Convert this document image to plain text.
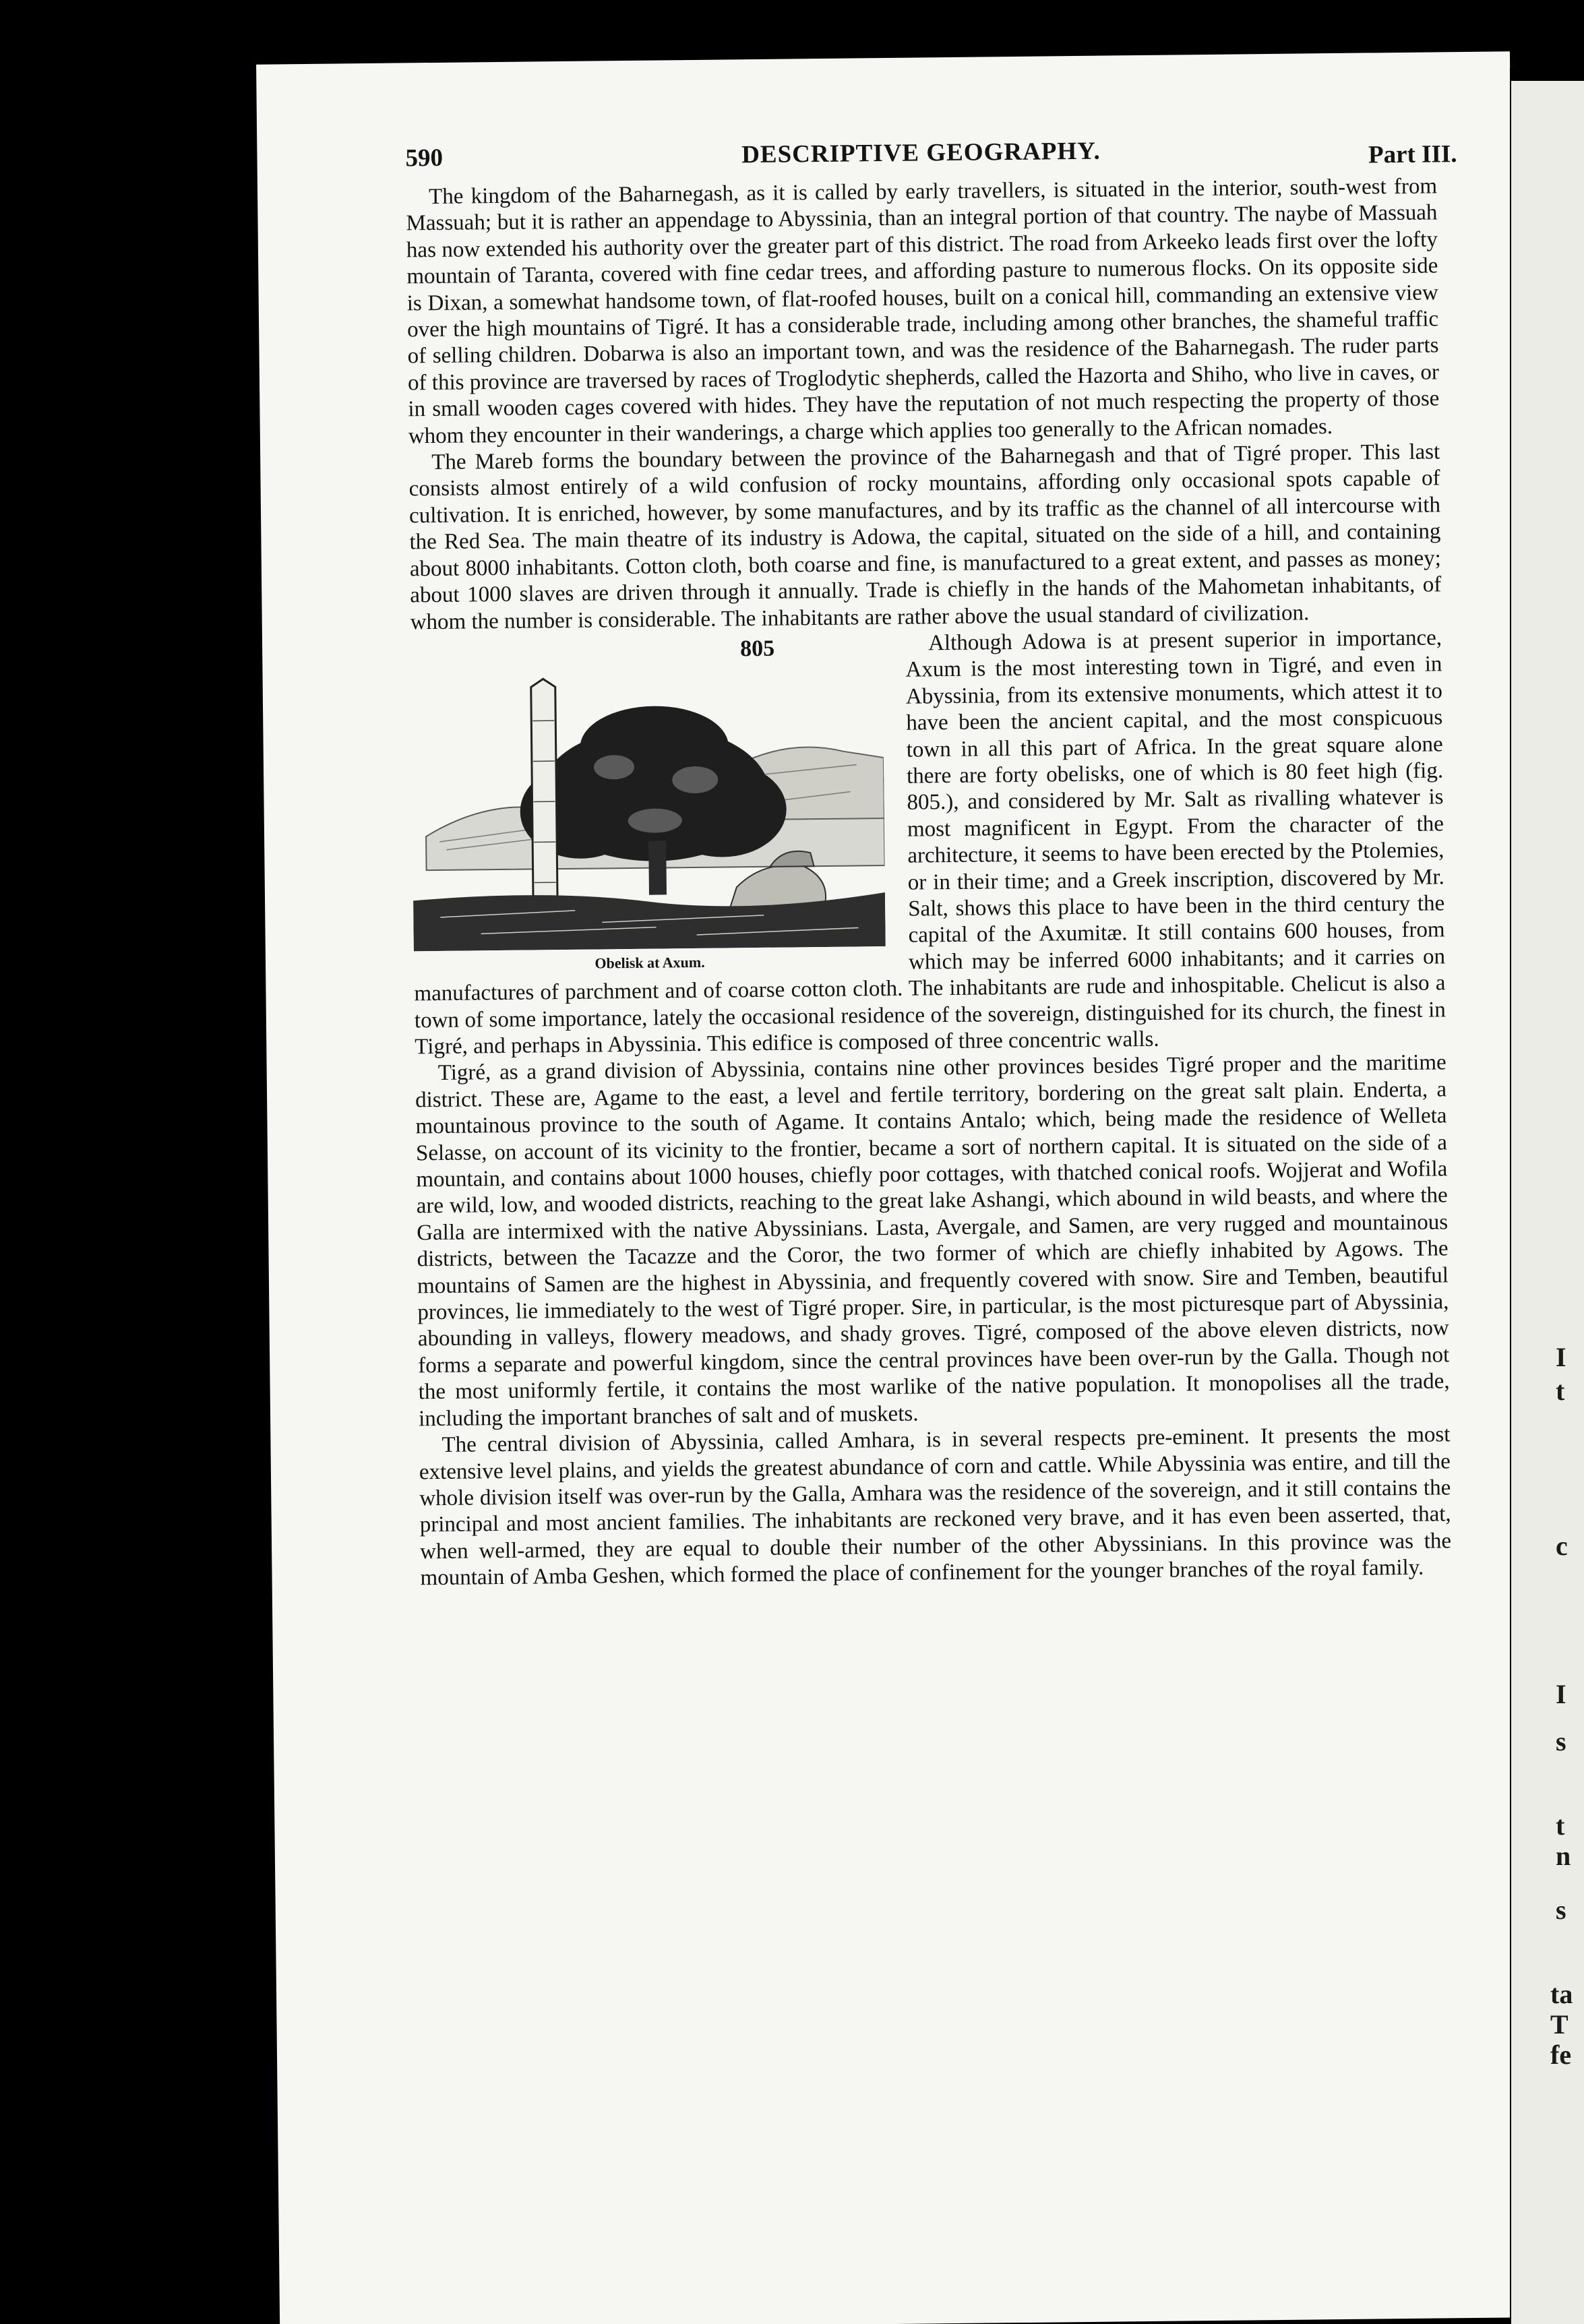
590	DESCRIPTIVE GEOGRAPHY.	Part III.

The kingdom of the Baharnegash, as it is called by early travellers, is situated in the interior, south-west from Massuah; but it is rather an appendage to Abyssinia, than an integral portion of that country. The naybe of Massuah has now extended his authority over the greater part of this district. The road from Arkeeko leads first over the lofty mountain of Taranta, covered with fine cedar trees, and affording pasture to numerous flocks. On its opposite side is Dixan, a somewhat handsome town, of flat-roofed houses, built on a conical hill, commanding an extensive view over the high mountains of Tigré. It has a considerable trade, including among other branches, the shameful traffic of selling children. Dobarwa is also an important town, and was the residence of the Baharnegash. The ruder parts of this province are traversed by races of Troglodytic shepherds, called the Hazorta and Shiho, who live in caves, or in small wooden cages covered with hides. They have the reputation of not much respecting the property of those whom they encounter in their wanderings, a charge which applies too generally to the African nomades.

The Mareb forms the boundary between the province of the Baharnegash and that of Tigré proper. This last consists almost entirely of a wild confusion of rocky mountains, affording only occasional spots capable of cultivation. It is enriched, however, by some manufactures, and by its traffic as the channel of all intercourse with the Red Sea. The main theatre of its industry is Adowa, the capital, situated on the side of a hill, and containing about 8000 inhabitants. Cotton cloth, both coarse and fine, is manufactured to a great extent, and passes as money; about 1000 slaves are driven through it annually. Trade is chiefly in the hands of the Mahometan inhabitants, of whom the number is considerable. The inhabitants are rather above the usual standard of civilization.

805
Obelisk at Axum.

Although Adowa is at present superior in importance, Axum is the most interesting town in Tigré, and even in Abyssinia, from its extensive monuments, which attest it to have been the ancient capital, and the most conspicuous town in all this part of Africa. In the great square alone there are forty obelisks, one of which is 80 feet high (fig. 805.), and considered by Mr. Salt as rivalling whatever is most magnificent in Egypt. From the character of the architecture, it seems to have been erected by the Ptolemies, or in their time; and a Greek inscription, discovered by Mr. Salt, shows this place to have been in the third century the capital of the Axumitæ. It still contains 600 houses, from which may be inferred 6000 inhabitants; and it carries on manufactures of parchment and of coarse cotton cloth. The inhabitants are rude and inhospitable. Chelicut is also a town of some importance, lately the occasional residence of the sovereign, distinguished for its church, the finest in Tigré, and perhaps in Abyssinia. This edifice is composed of three concentric walls.

Tigré, as a grand division of Abyssinia, contains nine other provinces besides Tigré proper and the maritime district. These are, Agame to the east, a level and fertile territory, bordering on the great salt plain. Enderta, a mountainous province to the south of Agame. It contains Antalo; which, being made the residence of Welleta Selasse, on account of its vicinity to the frontier, became a sort of northern capital. It is situated on the side of a mountain, and contains about 1000 houses, chiefly poor cottages, with thatched conical roofs. Wojjerat and Wofila are wild, low, and wooded districts, reaching to the great lake Ashangi, which abound in wild beasts, and where the Galla are intermixed with the native Abyssinians. Lasta, Avergale, and Samen, are very rugged and mountainous districts, between the Tacazze and the Coror, the two former of which are chiefly inhabited by Agows. The mountains of Samen are the highest in Abyssinia, and frequently covered with snow. Sire and Temben, beautiful provinces, lie immediately to the west of Tigré proper. Sire, in particular, is the most picturesque part of Abyssinia, abounding in valleys, flowery meadows, and shady groves. Tigré, composed of the above eleven districts, now forms a separate and powerful kingdom, since the central provinces have been over-run by the Galla. Though not the most uniformly fertile, it contains the most warlike of the native population. It monopolises all the trade, including the important branches of salt and of muskets.

The central division of Abyssinia, called Amhara, is in several respects pre-eminent. It presents the most extensive level plains, and yields the greatest abundance of corn and cattle. While Abyssinia was entire, and till the whole division itself was over-run by the Galla, Amhara was the residence of the sovereign, and it still contains the principal and most ancient families. The inhabitants are reckoned very brave, and it has even been asserted, that, when well-armed, they are equal to double their number of the other Abyssinians. In this province was the mountain of Amba Geshen, which formed the place of confinement for the younger branches of the royal family.

I
t
c
I
s
t
n
s
ta
T
fe
